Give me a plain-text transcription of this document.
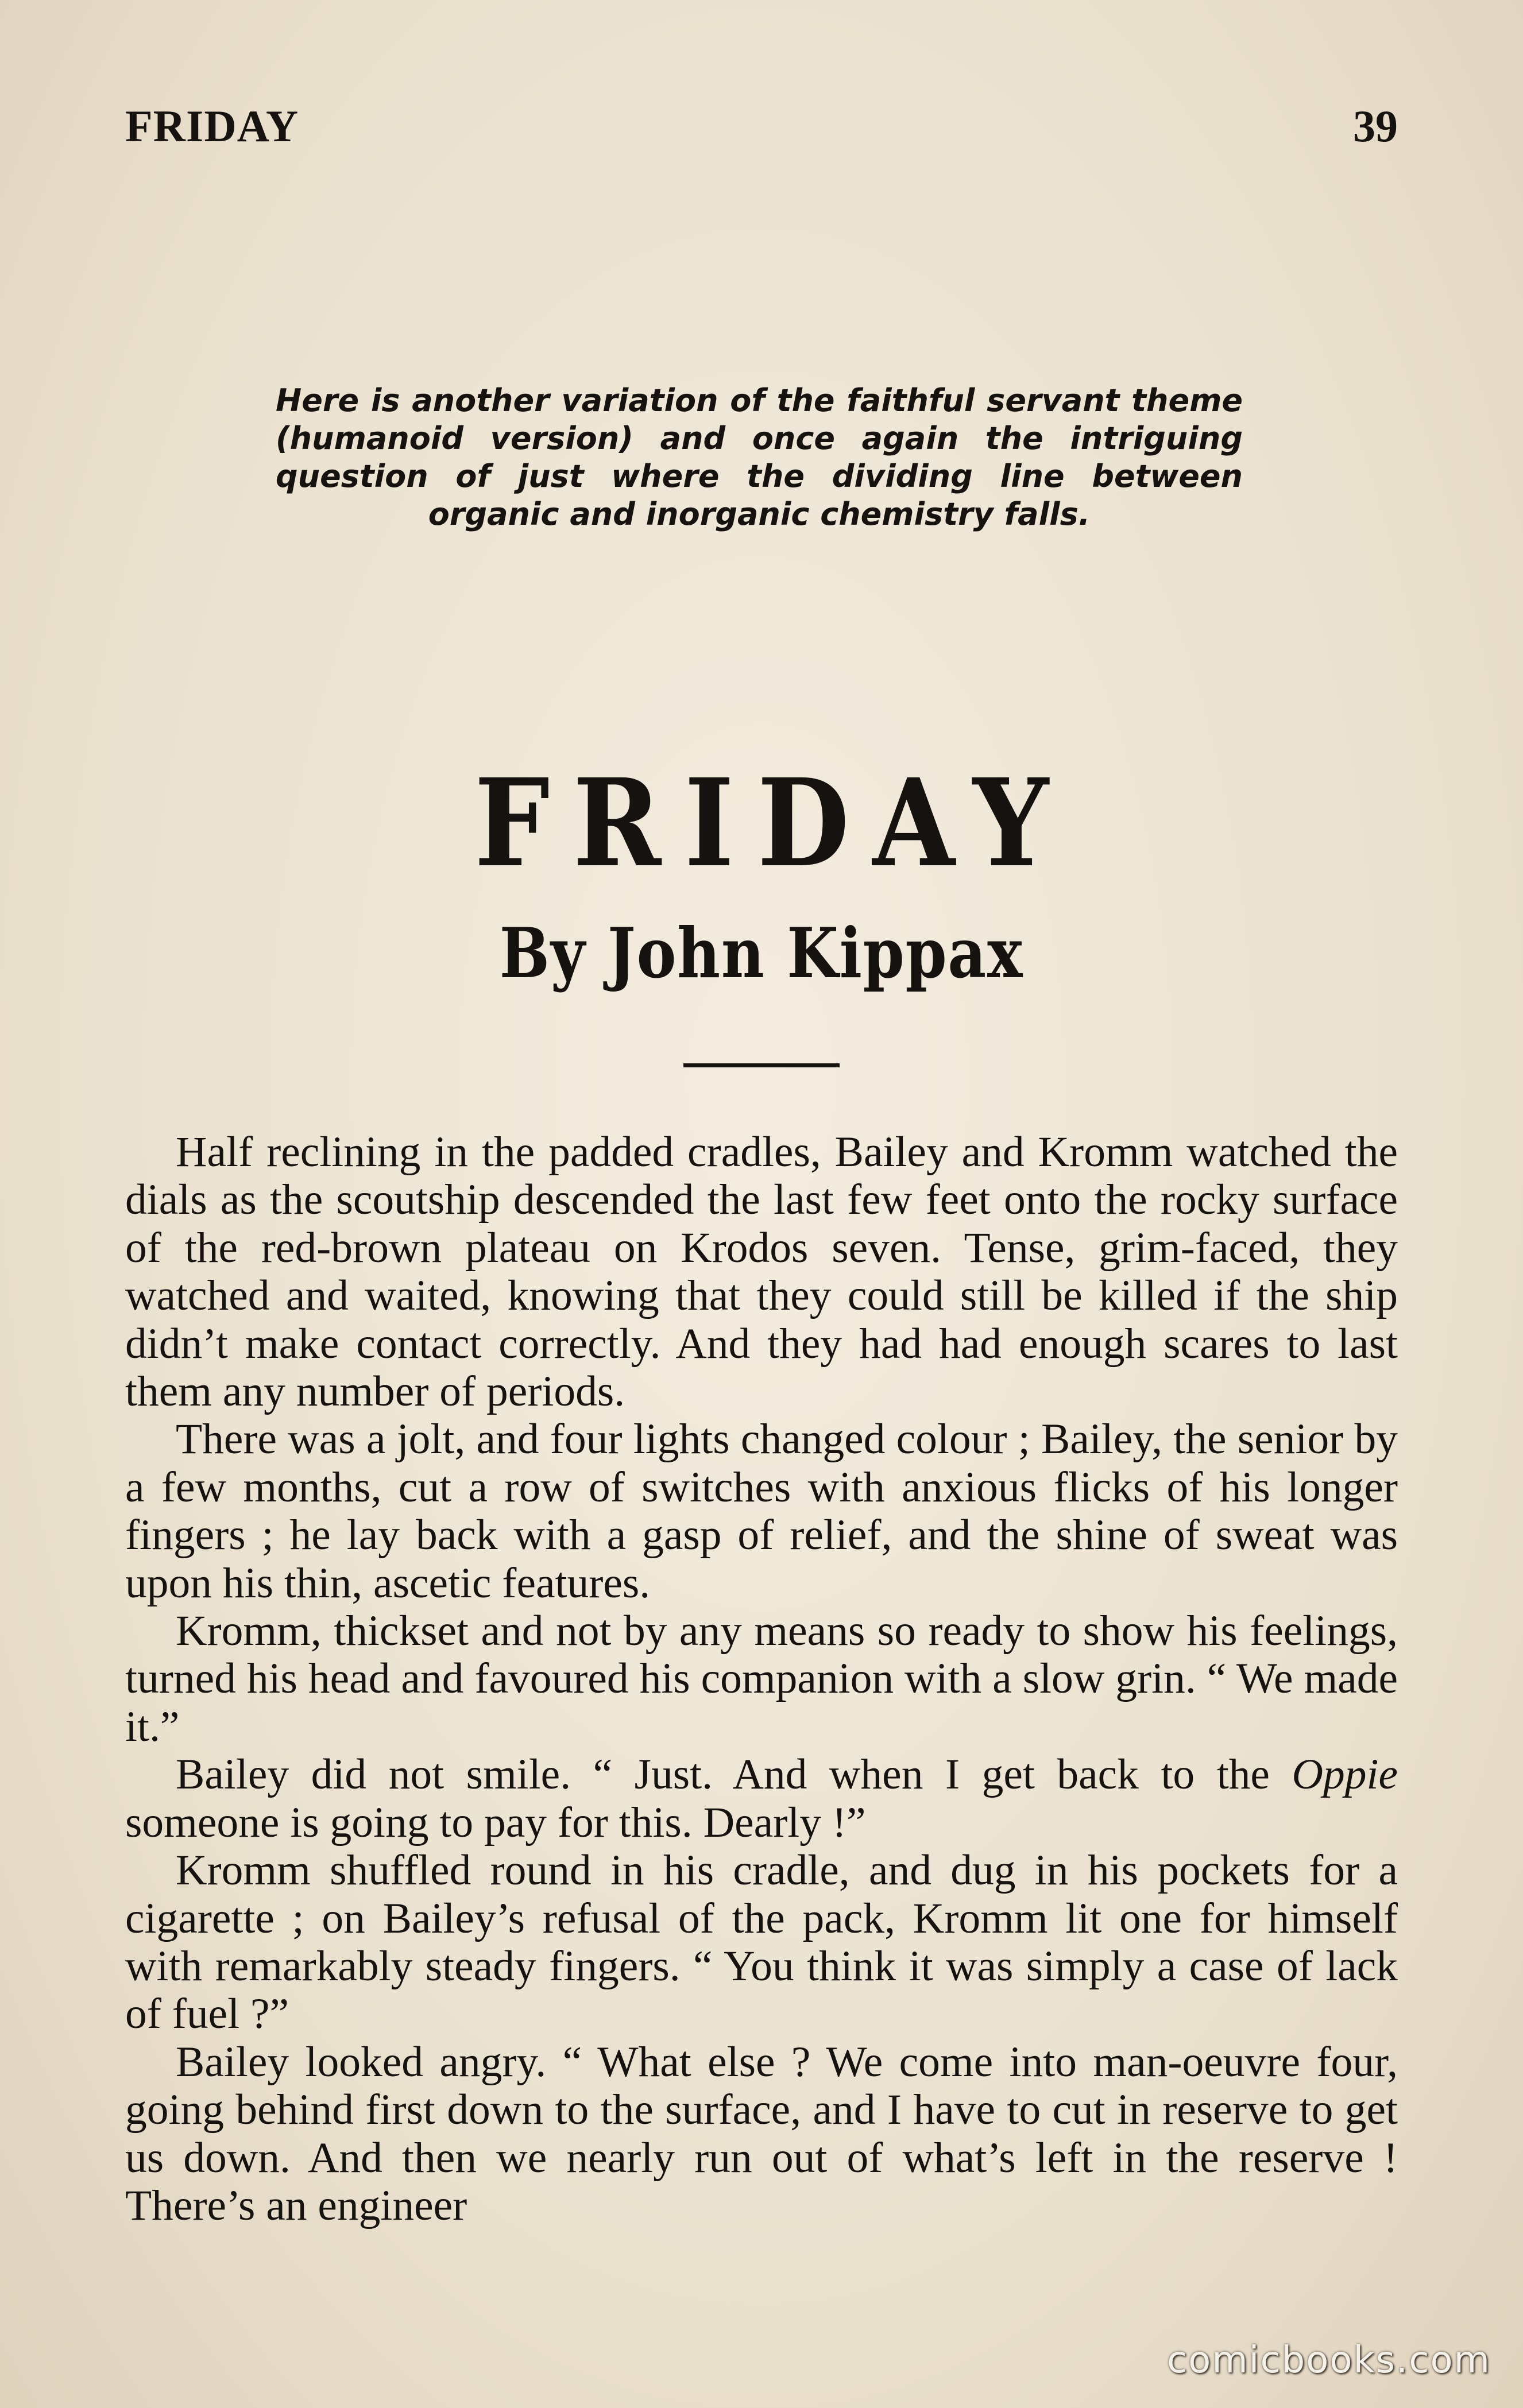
FRIDAY	39
Here is another variation of the faithful servant theme (humanoid version) and once again the intriguing question of just where the dividing line between organic and inorganic chemistry falls.
FRIDAY
By John Kippax

Half reclining in the padded cradles, Bailey and Kromm watched the dials as the scoutship descended the last few feet onto the rocky surface of the red-brown plateau on Krodos seven. Tense, grim-faced, they watched and waited, knowing that they could still be killed if the ship didn’t make contact correctly. And they had had enough scares to last them any number of periods.

There was a jolt, and four lights changed colour ; Bailey, the senior by a few months, cut a row of switches with anxious flicks of his longer fingers ; he lay back with a gasp of relief, and the shine of sweat was upon his thin, ascetic features.

Kromm, thickset and not by any means so ready to show his feelings, turned his head and favoured his companion with a slow grin. “ We made it.”

Bailey did not smile. “ Just. And when I get back to the Oppie someone is going to pay for this. Dearly !”

Kromm shuffled round in his cradle, and dug in his pockets for a cigarette ; on Bailey’s refusal of the pack, Kromm lit one for himself with remarkably steady fingers. “ You think it was simply a case of lack of fuel ?”

Bailey looked angry. “ What else ? We come into man-oeuvre four, going behind first down to the surface, and I have to cut in reserve to get us down. And then we nearly run out of what’s left in the reserve ! There’s an engineer

comicbooks.com
